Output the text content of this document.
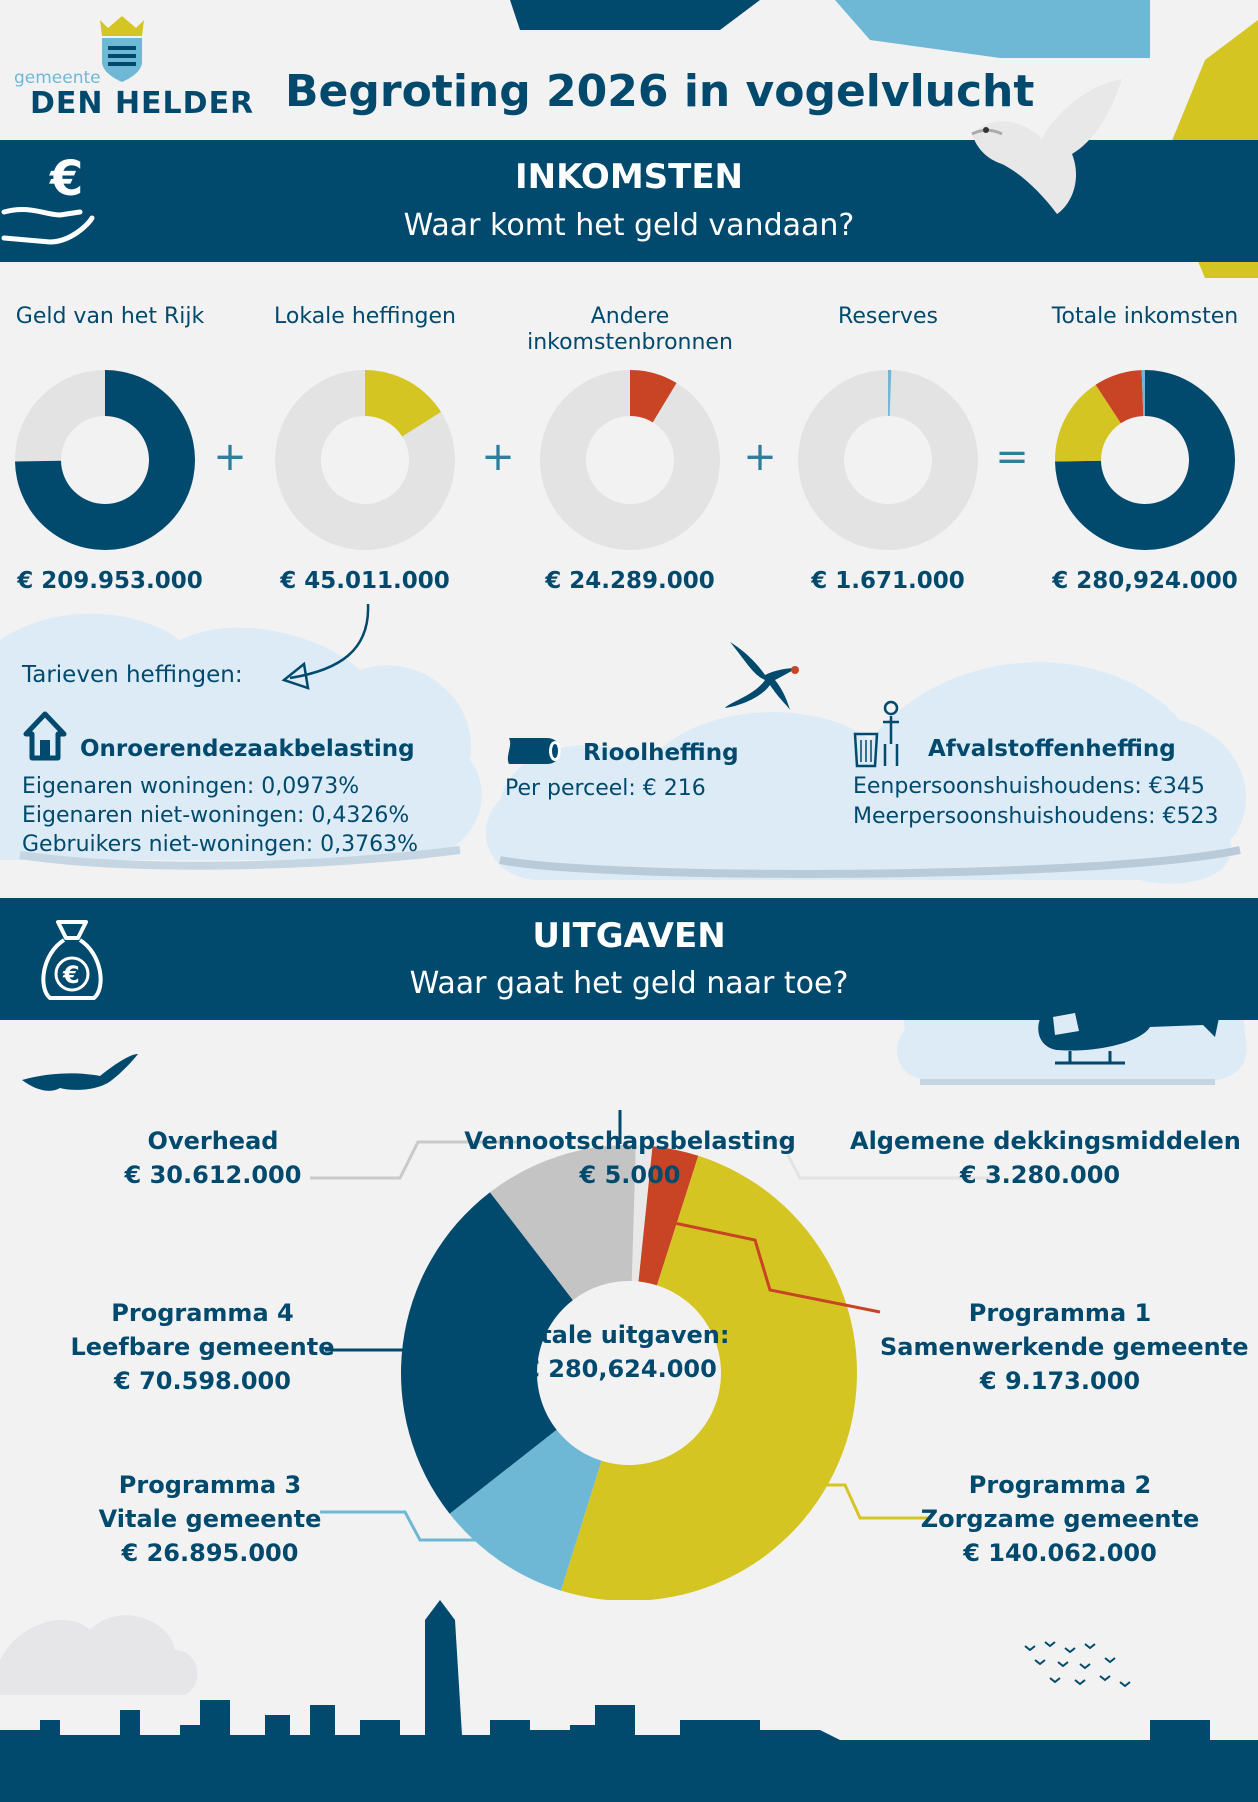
gemeente
DEN HELDER Begroting 2026 in vogelvlucht
€	INKOMSTEN
Waar komt het geld vandaan?
Geld van het Rijk	Lokale heffingen	Andere inkomstenbronnen
Reserves	Totale inkomsten
+	+	+	=
€ 209.953.000	€ 45.011.000	€ 24.289.000	€ 1.671.000	€ 280,924.000
Tarieven heffingen:
Onroerendezaakbelasting
Eigenaren woningen: 0,0973%
Eigenaren niet-woningen: 0,4326%
Gebruikers niet-woningen: 0,3763%
Rioolheffing
Per perceel: € 216
Afvalstoffenheffing
Eenpersoonshuishoudens: €345
Meerpersoonshuishoudens: €523
€
UITGAVEN
Waar gaat het geld naar toe?
Vennootschapsbelasting
€ 5.000
Overhead
€ 30.612.000
Algemene dekkingsmiddelen
€ 3.280.000
Programma 4
Leefbare gemeente
€ 70.598.000
Programma 1
Samenwerkende gemeente
€ 9.173.000
Programma 3
Vitale gemeente
€ 26.895.000
Programma 2
Zorgzame gemeente
€ 140.062.000
Totale uitgaven:
€ 280,624.000
